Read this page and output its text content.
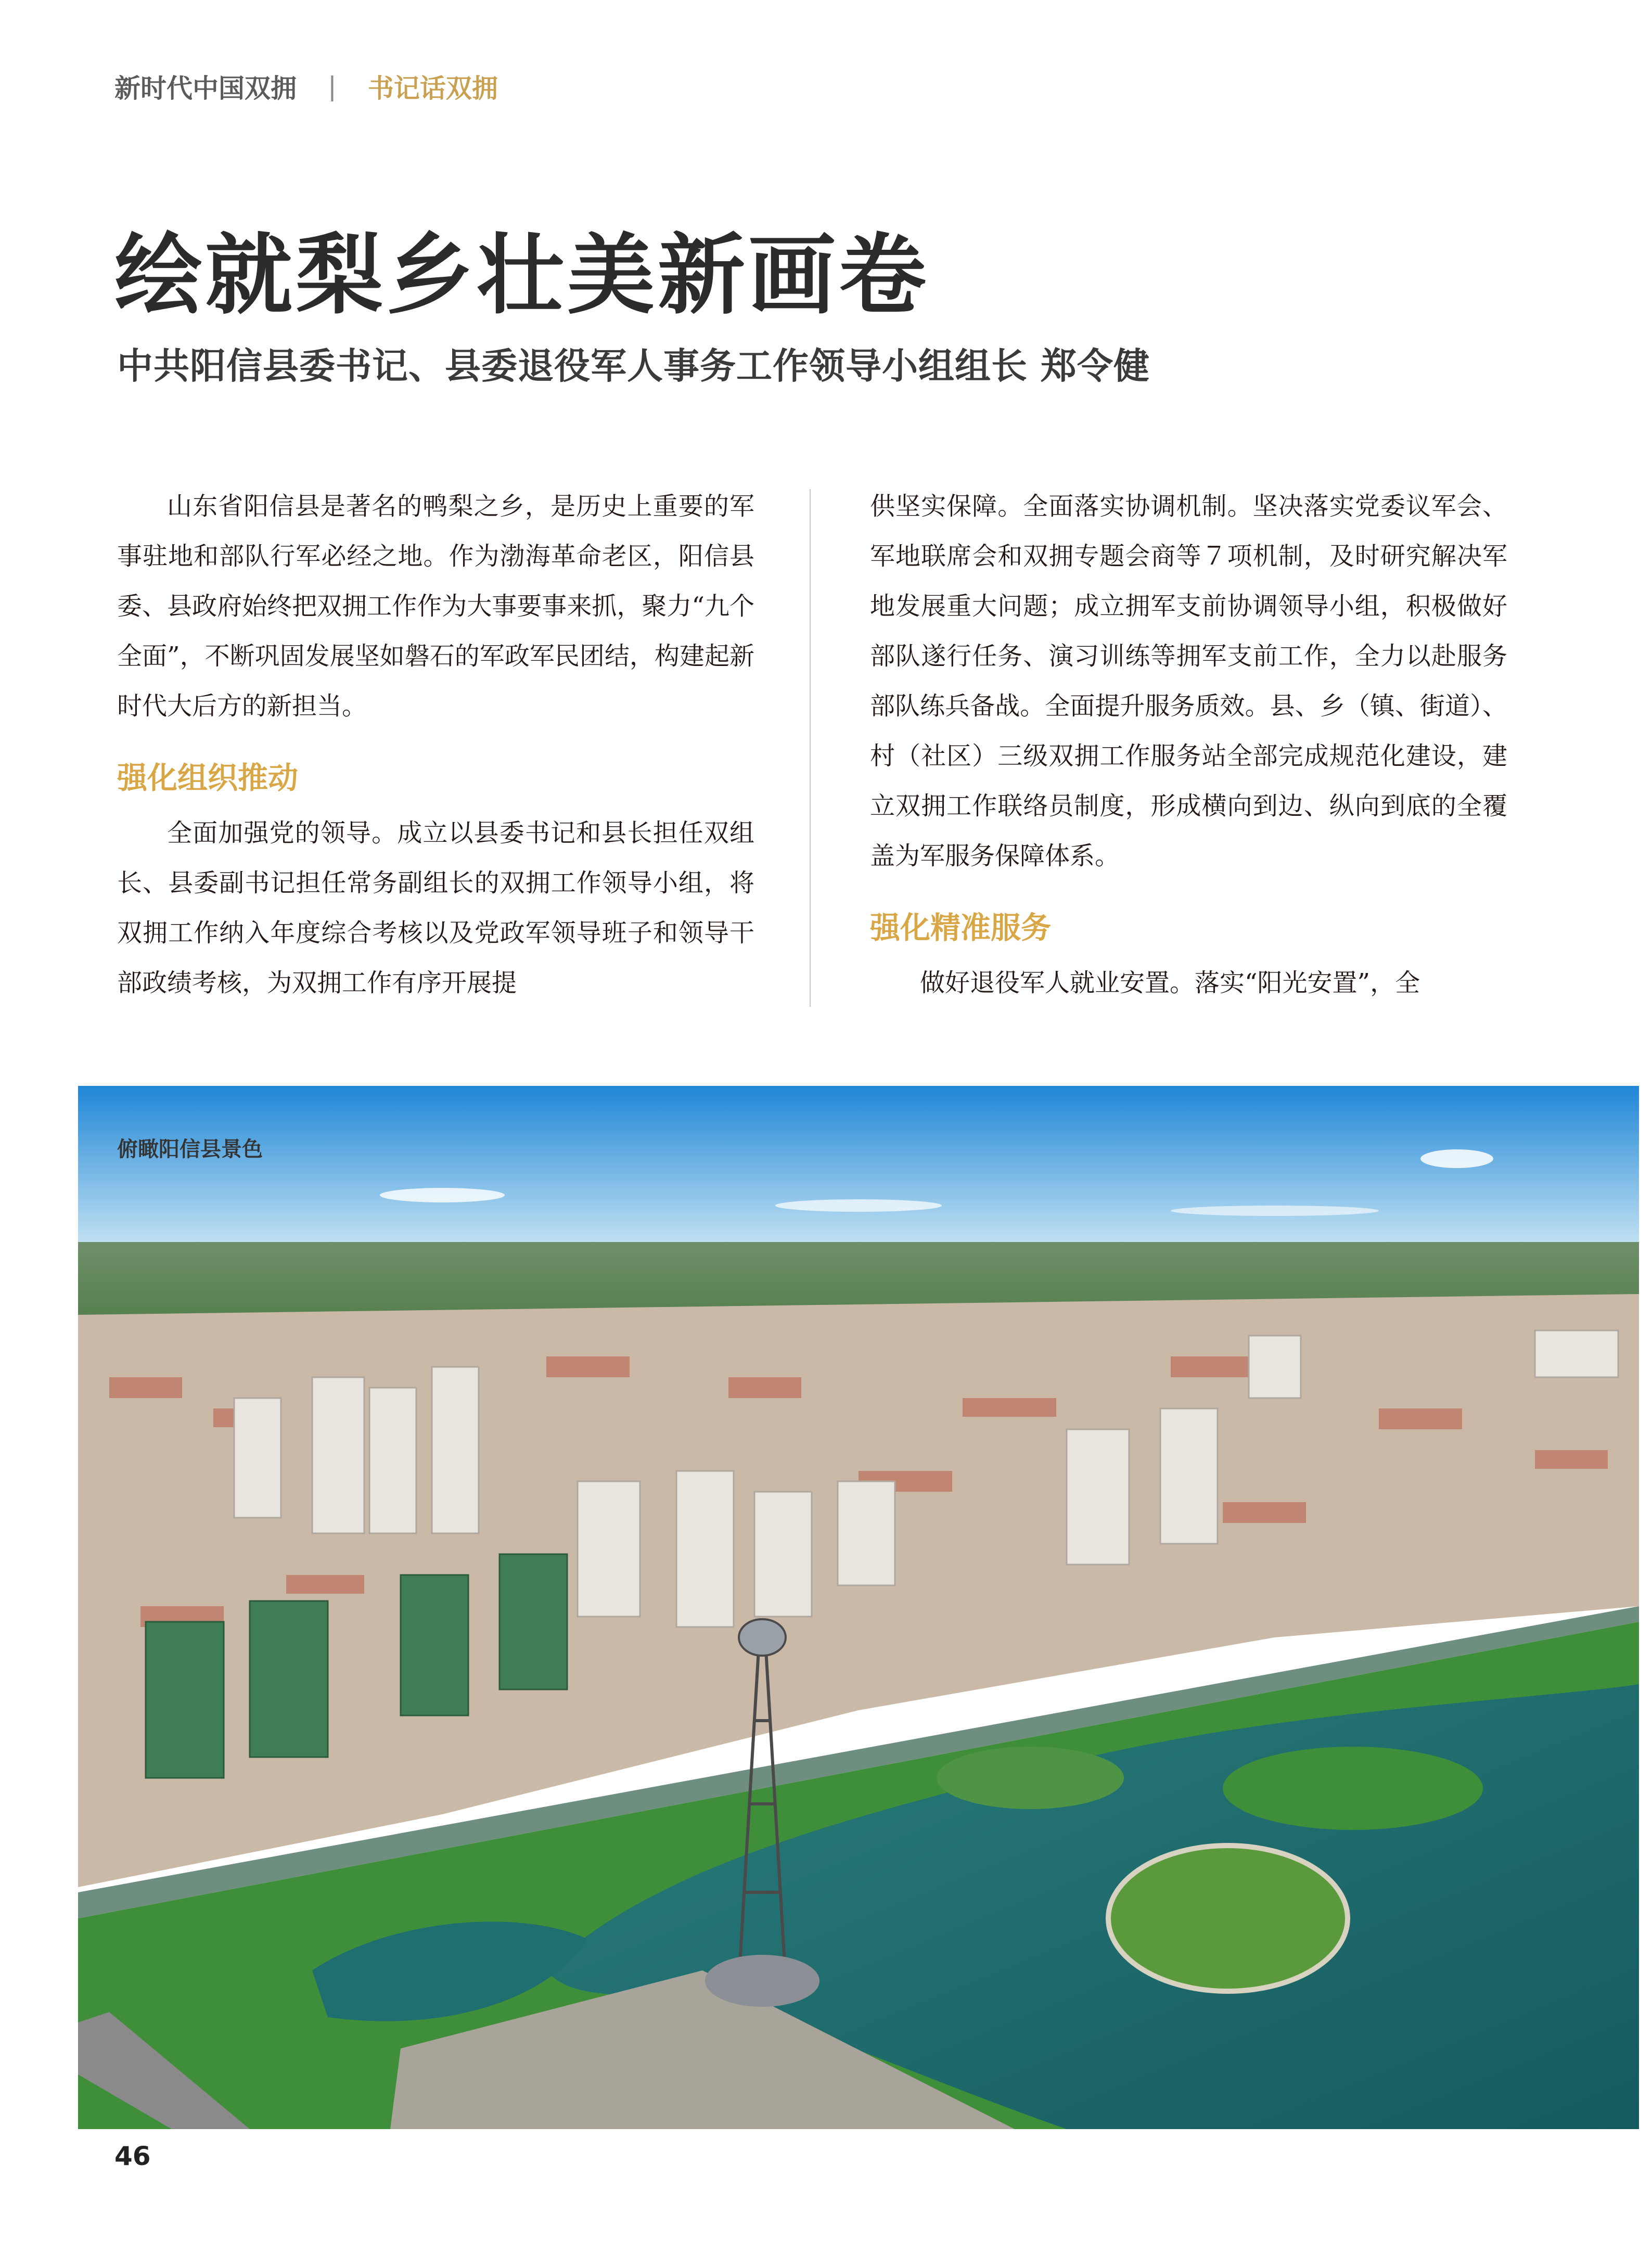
新时代中国双拥 | 书记话双拥
绘就梨乡壮美新画卷
中共阳信县委书记、县委退役军人事务工作领导小组组长 郑令健

山东省阳信县是著名的鸭梨之乡，是历史上重要的军事驻地和部队行军必经之地。作为渤海革命老区，阳信县委、县政府始终把双拥工作作为大事要事来抓，聚力“九个全面”，不断巩固发展坚如磐石的军政军民团结，构建起新时代大后方的新担当。

强化组织推动

全面加强党的领导。成立以县委书记和县长担任双组长、县委副书记担任常务副组长的双拥工作领导小组，将双拥工作纳入年度综合考核以及党政军领导班子和领导干部政绩考核，为双拥工作有序开展提

供坚实保障。全面落实协调机制。坚决落实党委议军会、军地联席会和双拥专题会商等７项机制，及时研究解决军地发展重大问题；成立拥军支前协调领导小组，积极做好部队遂行任务、演习训练等拥军支前工作，全力以赴服务部队练兵备战。全面提升服务质效。县、乡（镇、街道）、村（社区）三级双拥工作服务站全部完成规范化建设，建立双拥工作联络员制度，形成横向到边、纵向到底的全覆盖为军服务保障体系。

强化精准服务

做好退役军人就业安置。落实“阳光安置”，全

俯瞰阳信县景色
46
